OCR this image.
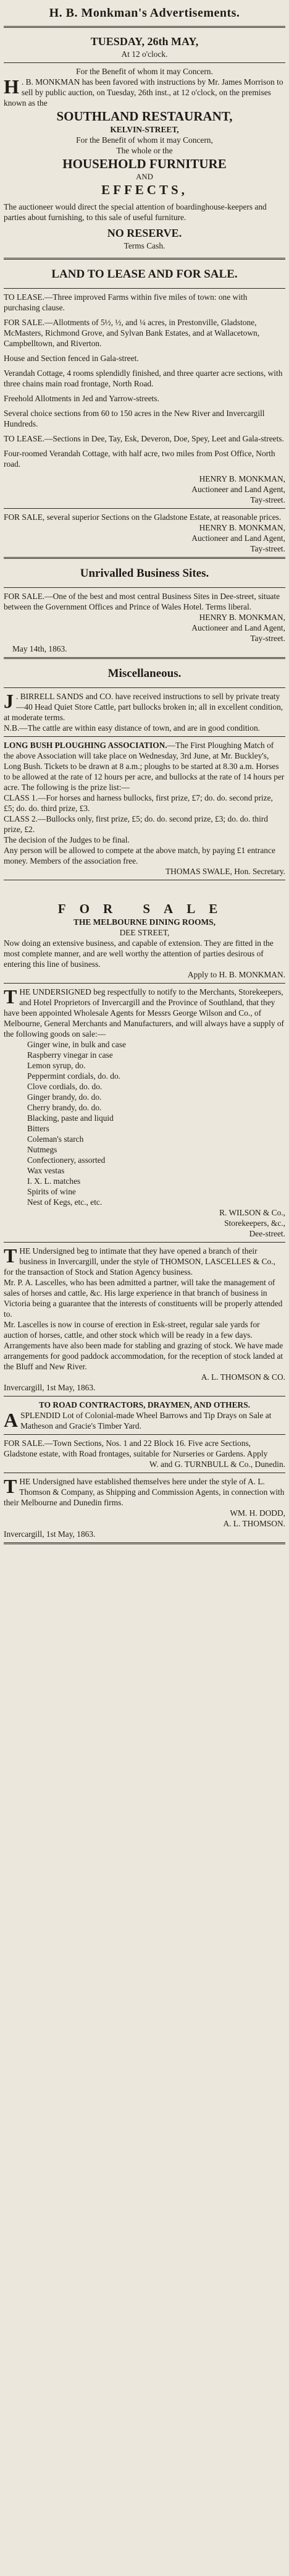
H. B. Monkman's Advertisements.
TUESDAY, 26th MAY,
At 12 o'clock.
For the Benefit of whom it may Concern.

H . B. MONKMAN has been favored with instructions by Mr. James Morrison to sell by public auction, on Tuesday, 26th inst., at 12 o'clock, on the premises known as the

SOUTHLAND RESTAURANT,
KELVIN-STREET,
For the Benefit of whom it may Concern,
The whole or the
HOUSEHOLD FURNITURE
AND
EFFECTS,

The auctioneer would direct the special attention of boardinghouse-keepers and parties about furnishing, to this sale of useful furniture.

NO RESERVE.
Terms Cash.
LAND TO LEASE AND FOR SALE.

TO LEASE.—Three improved Farms within five miles of town: one with purchasing clause.

FOR SALE.—Allotments of 5½, ½, and ¼ acres, in Prestonville, Gladstone, McMasters, Richmond Grove, and Sylvan Bank Estates, and at Wallacetown, Campbelltown, and Riverton.

House and Section fenced in Gala-street.

Verandah Cottage, 4 rooms splendidly finished, and three quarter acre sections, with three chains main road frontage, North Road.

Freehold Allotments in Jed and Yarrow-streets.

Several choice sections from 60 to 150 acres in the New River and Invercargill Hundreds.

TO LEASE.—Sections in Dee, Tay, Esk, Deveron, Doe, Spey, Leet and Gala-streets.

Four-roomed Verandah Cottage, with half acre, two miles from Post Office, North road.

HENRY B. MONKMAN,
Auctioneer and Land Agent,
Tay-street.

FOR SALE, several superior Sections on the Gladstone Estate, at reasonable prices.

HENRY B. MONKMAN,
Auctioneer and Land Agent,
Tay-street.
Unrivalled Business Sites.

FOR SALE.—One of the best and most central Business Sites in Dee-street, situate between the Government Offices and Prince of Wales Hotel. Terms liberal.

HENRY B. MONKMAN,
Auctioneer and Land Agent,
Tay-street.
May 14th, 1863.
Miscellaneous.

J . BIRRELL SANDS and CO. have received instructions to sell by private treaty—40 Head Quiet Store Cattle, part bullocks broken in; all in excellent condition, at moderate terms.

N.B.—The cattle are within easy distance of town, and are in good condition.

LONG BUSH PLOUGHING ASSOCIATION.—The First Ploughing Match of the above Association will take place on Wednesday, 3rd June, at Mr. Buckley's, Long Bush. Tickets to be drawn at 8 a.m.; ploughs to be started at 8.30 a.m. Horses to be allowed at the rate of 12 hours per acre, and bullocks at the rate of 14 hours per acre. The following is the prize list:—

CLASS 1.—For horses and harness bullocks, first prize, £7; do. do. second prize, £5; do. do. third prize, £3.

CLASS 2.—Bullocks only, first prize, £5; do. do. second prize, £3; do. do. third prize, £2.

The decision of the Judges to be final.

Any person will be allowed to compete at the above match, by paying £1 entrance money. Members of the association free.

THOMAS SWALE, Hon. Secretary.
FOR SALE
THE MELBOURNE DINING ROOMS,
DEE STREET,

Now doing an extensive business, and capable of extension. They are fitted in the most complete manner, and are well worthy the attention of parties desirous of entering this line of business.

Apply to H. B. MONKMAN.

THE UNDERSIGNED beg respectfully to notify to the Merchants, Storekeepers, and Hotel Proprietors of Invercargill and the Province of Southland, that they have been appointed Wholesale Agents for Messrs George Wilson and Co., of Melbourne, General Merchants and Manufacturers, and will always have a supply of the following goods on sale:—

Ginger wine, in bulk and case
Raspberry vinegar in case
Lemon syrup, do.
Peppermint cordials, do. do.
Clove cordials, do. do.
Ginger brandy, do. do.
Cherry brandy, do. do.
Blacking, paste and liquid
Bitters
Coleman's starch
Nutmegs
Confectionery, assorted
Wax vestas
I. X. L. matches
Spirits of wine
Nest of Kegs, etc., etc.
R. WILSON & Co.,
Storekeepers, &c.,
Dee-street.

THE Undersigned beg to intimate that they have opened a branch of their business in Invercargill, under the style of THOMSON, LASCELLES & Co., for the transaction of Stock and Station Agency business.

Mr. P. A. Lascelles, who has been admitted a partner, will take the management of sales of horses and cattle, &c. His large experience in that branch of business in Victoria being a guarantee that the interests of constituents will be properly attended to.

Mr. Lascelles is now in course of erection in Esk-street, regular sale yards for auction of horses, cattle, and other stock which will be ready in a few days. Arrangements have also been made for stabling and grazing of stock. We have made arrangements for good paddock accommodation, for the reception of stock landed at the Bluff and New River.

A. L. THOMSON & CO.
Invercargill, 1st May, 1863.
TO ROAD CONTRACTORS, DRAYMEN, AND OTHERS.

ASPLENDID Lot of Colonial-made Wheel Barrows and Tip Drays on Sale at Matheson and Gracie's Timber Yard.

FOR SALE.—Town Sections, Nos. 1 and 22 Block 16. Five acre Sections, Gladstone estate, with Road frontages, suitable for Nurseries or Gardens. Apply

W. and G. TURNBULL & Co., Dunedin.

THE Undersigned have established themselves here under the style of A. L. Thomson & Company, as Shipping and Commission Agents, in connection with their Melbourne and Dunedin firms.

WM. H. DODD,
A. L. THOMSON.
Invercargill, 1st May, 1863.
